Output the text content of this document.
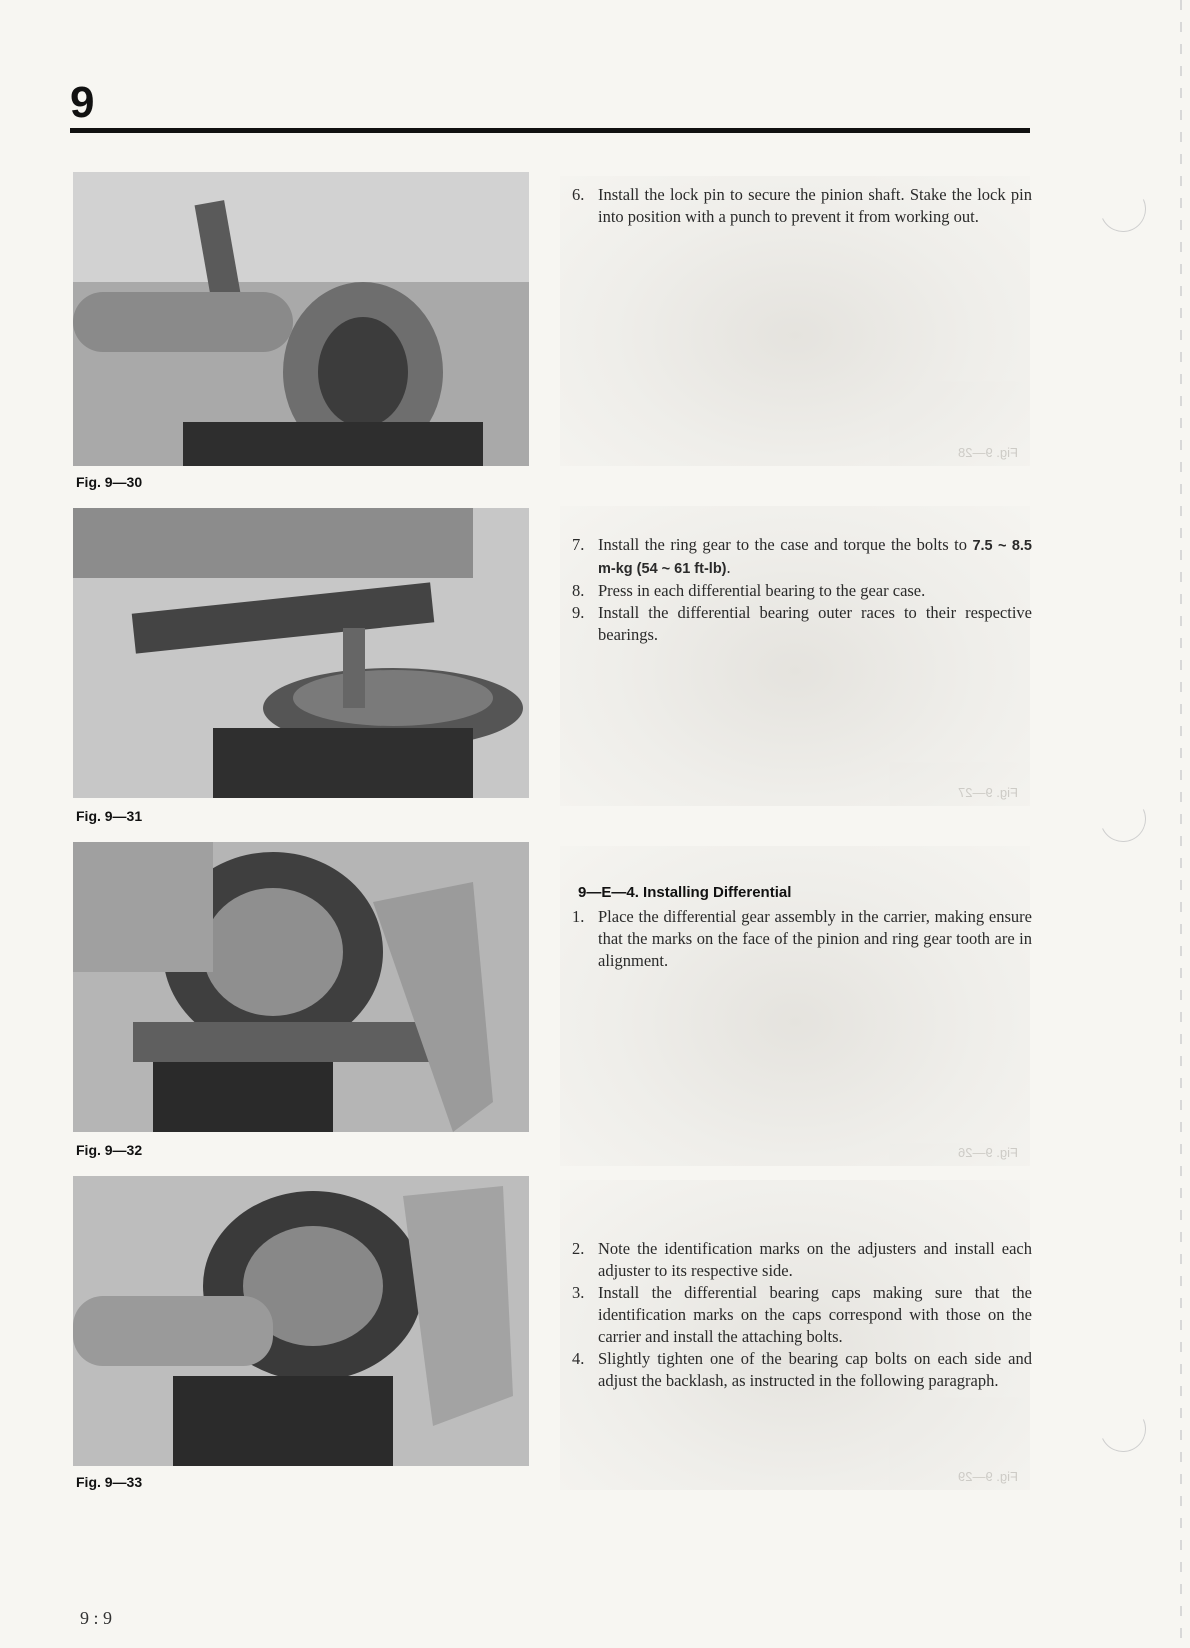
9
Fig. 9—30
Fig. 9—31
Fig. 9—32
Fig. 9—33
Fig. 9—28
Fig. 9—27
Fig. 9—26
Fig. 9—29
6. Install the lock pin to secure the pinion shaft. Stake the lock pin into position with a punch to prevent it from working out.
7. Install the ring gear to the case and torque the bolts to 7.5 ~ 8.5 m-kg (54 ~ 61 ft-lb).
8. Press in each differential bearing to the gear case.
9. Install the differential bearing outer races to their respective bearings.
9—E—4. Installing Differential
1. Place the differential gear assembly in the carrier, making ensure that the marks on the face of the pinion and ring gear tooth are in alignment.
2. Note the identification marks on the adjusters and install each adjuster to its respective side.
3. Install the differential bearing caps making sure that the identification marks on the caps correspond with those on the carrier and install the attaching bolts.
4. Slightly tighten one of the bearing cap bolts on each side and adjust the backlash, as instructed in the following paragraph.
9 : 9
